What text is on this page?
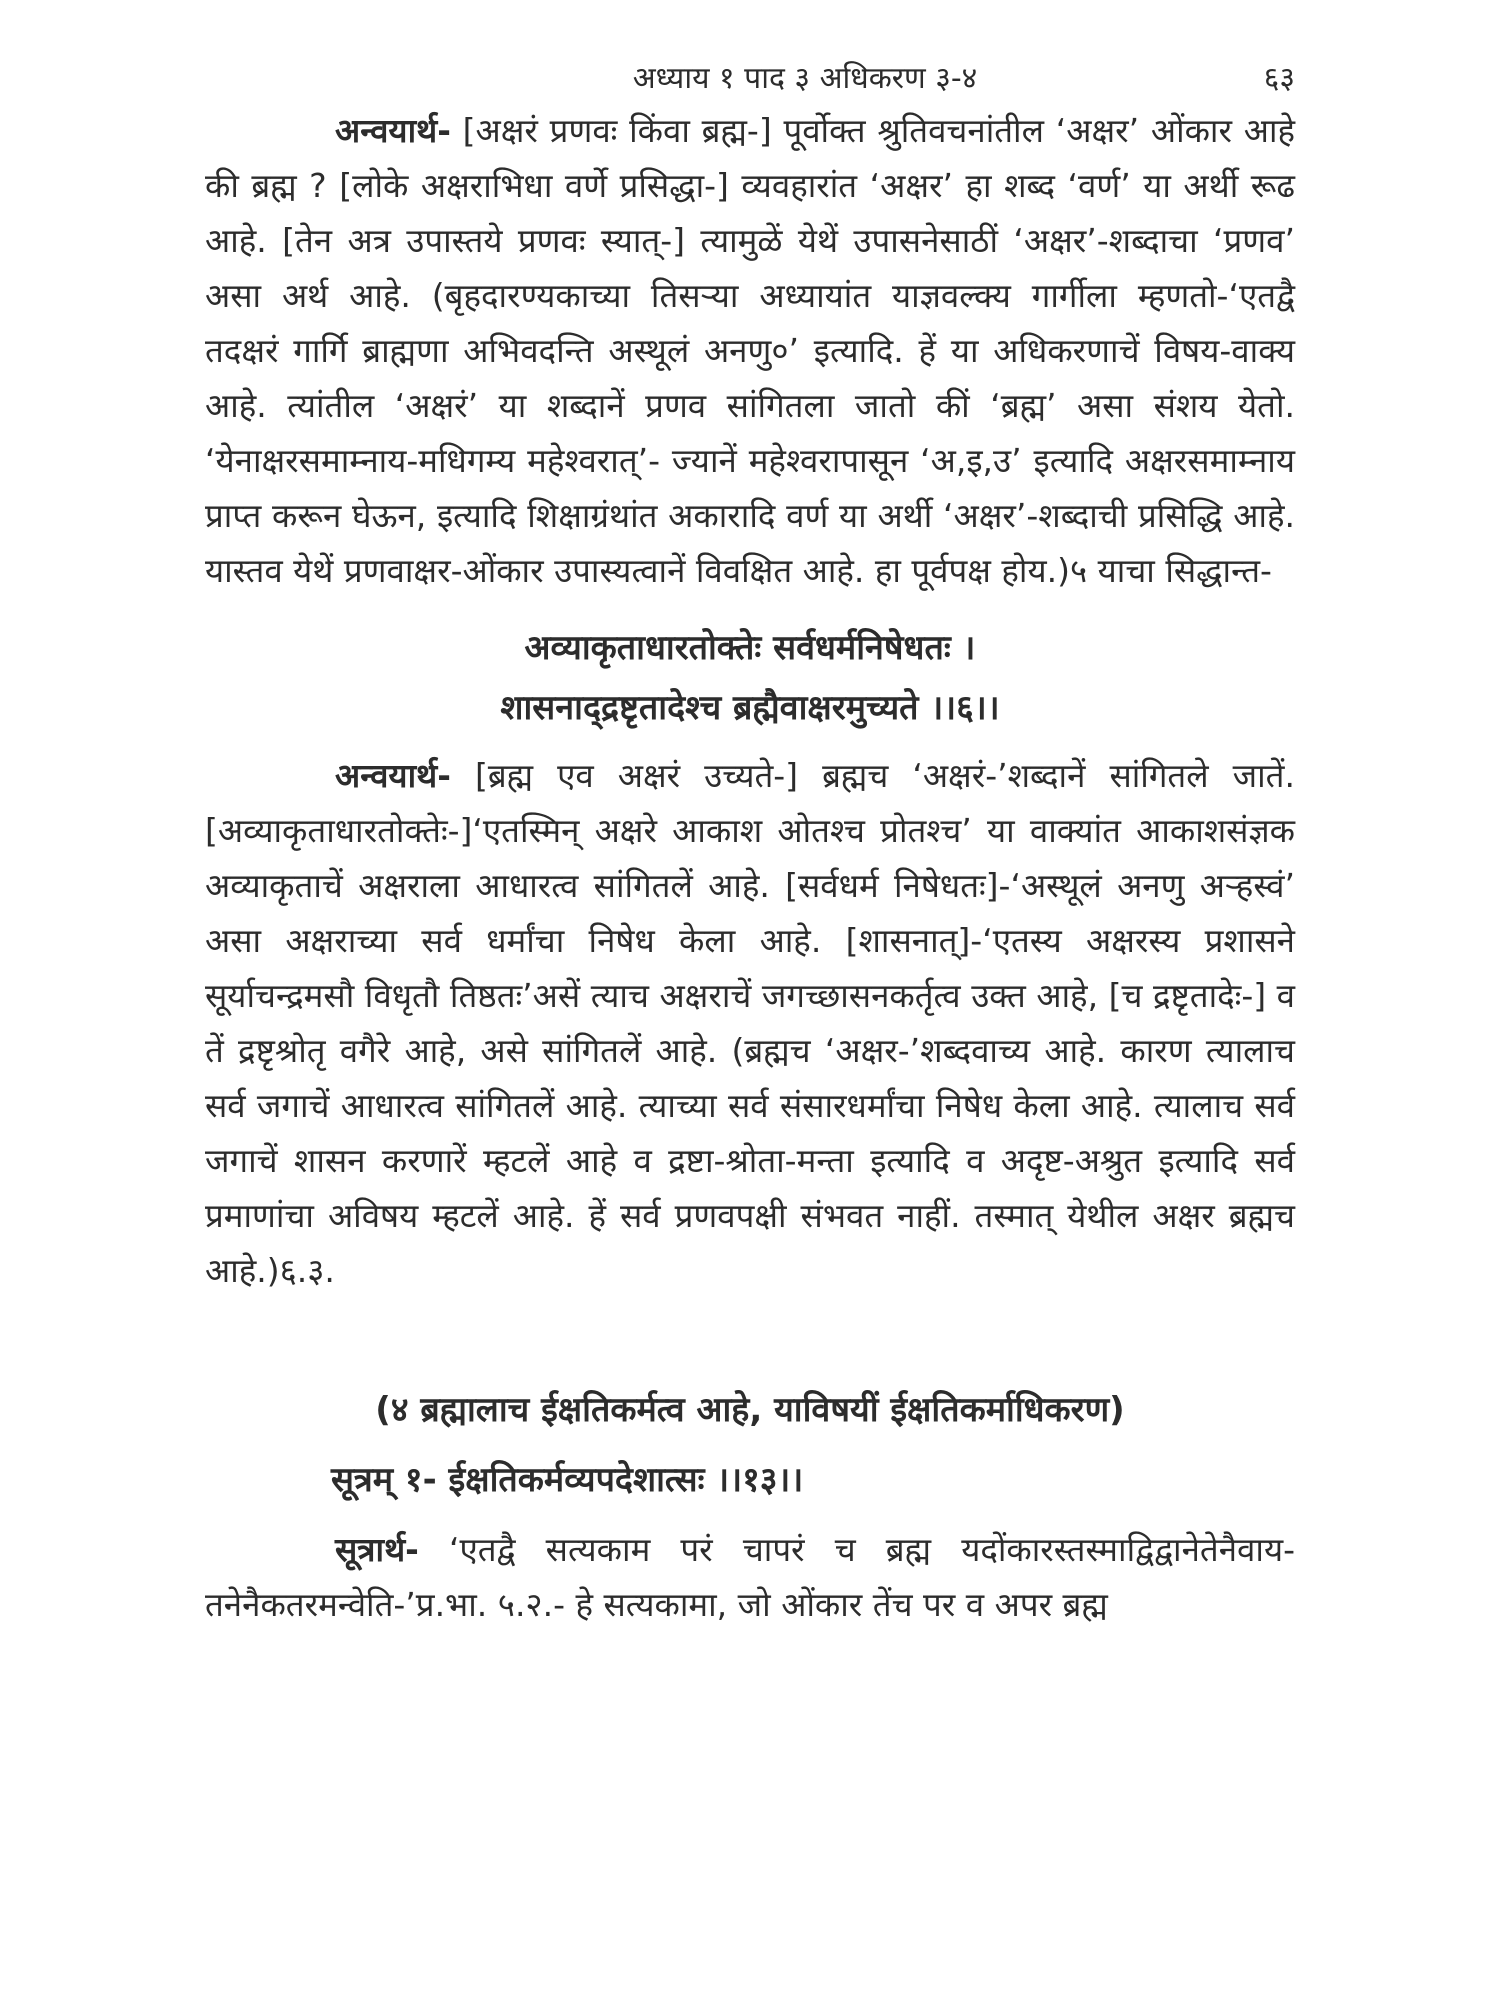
अध्याय १ पाद ३ अधिकरण ३-४	६३

अन्वयार्थ- [अक्षरं प्रणवः किंवा ब्रह्म-] पूर्वोक्त श्रुतिवचनांतील ‘अक्षर’ ओंकार आहे की ब्रह्म ? [लोके अक्षराभिधा वर्णे प्रसिद्धा-] व्यवहारांत ‘अक्षर’ हा शब्द ‘वर्ण’ या अर्थी रूढ आहे. [तेन अत्र उपास्तये प्रणवः स्यात्-] त्यामुळें येथें उपासनेसाठीं ‘अक्षर’-शब्दाचा ‘प्रणव’ असा अर्थ आहे. (बृहदारण्यकाच्या तिसऱ्या अध्यायांत याज्ञवल्क्य गार्गीला म्हणतो-‘एतद्वै तदक्षरं गार्गि ब्राह्मणा अभिवदन्ति अस्थूलं अनणु०’ इत्यादि. हें या अधिकरणाचें विषय-वाक्य आहे. त्यांतील ‘अक्षरं’ या शब्दानें प्रणव सांगितला जातो कीं ‘ब्रह्म’ असा संशय येतो. ‘येनाक्षरसमाम्नाय-मधिगम्य महेश्वरात्’- ज्यानें महेश्वरापासून ‘अ,इ,उ’ इत्यादि अक्षरसमाम्नाय प्राप्त करून घेऊन, इत्यादि शिक्षाग्रंथांत अकारादि वर्ण या अर्थी ‘अक्षर’-शब्दाची प्रसिद्धि आहे. यास्तव येथें प्रणवाक्षर-ओंकार उपास्यत्वानें विवक्षित आहे. हा पूर्वपक्ष होय.)५ याचा सिद्धान्त-

अव्याकृताधारतोक्तेः सर्वधर्मनिषेधतः ।

शासनाद्द्रष्टृतादेश्च ब्रह्मैवाक्षरमुच्यते ।।६।।

अन्वयार्थ- [ब्रह्म एव अक्षरं उच्यते-] ब्रह्मच ‘अक्षरं-’शब्दानें सांगितले जातें. [अव्याकृताधारतोक्तेः-]‘एतस्मिन् अक्षरे आकाश ओतश्च प्रोतश्च’ या वाक्यांत आकाशसंज्ञक अव्याकृताचें अक्षराला आधारत्व सांगितलें आहे. [सर्वधर्म निषेधतः]-‘अस्थूलं अनणु अऱ्हस्वं’ असा अक्षराच्या सर्व धर्मांचा निषेध केला आहे. [शासनात्]-‘एतस्य अक्षरस्य प्रशासने सूर्याचन्द्रमसौ विधृतौ तिष्ठतः’असें त्याच अक्षराचें जगच्छासनकर्तृत्व उक्त आहे, [च द्रष्टृतादेः-] व तें द्रष्टृश्रोतृ वगैरे आहे, असे सांगितलें आहे. (ब्रह्मच ‘अक्षर-’शब्दवाच्य आहे. कारण त्यालाच सर्व जगाचें आधारत्व सांगितलें आहे. त्याच्या सर्व संसारधर्मांचा निषेध केला आहे. त्यालाच सर्व जगाचें शासन करणारें म्हटलें आहे व द्रष्टा-श्रोता-मन्ता इत्यादि व अदृष्ट-अश्रुत इत्यादि सर्व प्रमाणांचा अविषय म्हटलें आहे. हें सर्व प्रणवपक्षी संभवत नाहीं. तस्मात् येथील अक्षर ब्रह्मच आहे.)६.३.

(४ ब्रह्मालाच ईक्षतिकर्मत्व आहे, याविषयीं ईक्षतिकर्माधिकरण)

सूत्रम् १- ईक्षतिकर्मव्यपदेशात्सः ।।१३।।

सूत्रार्थ- ‘एतद्वै सत्यकाम परं चापरं च ब्रह्म यदोंकारस्तस्माद्विद्वानेतेनैवाय-तनेनैकतरमन्वेति-’प्र.भा. ५.२.- हे सत्यकामा, जो ओंकार तेंच पर व अपर ब्रह्म
